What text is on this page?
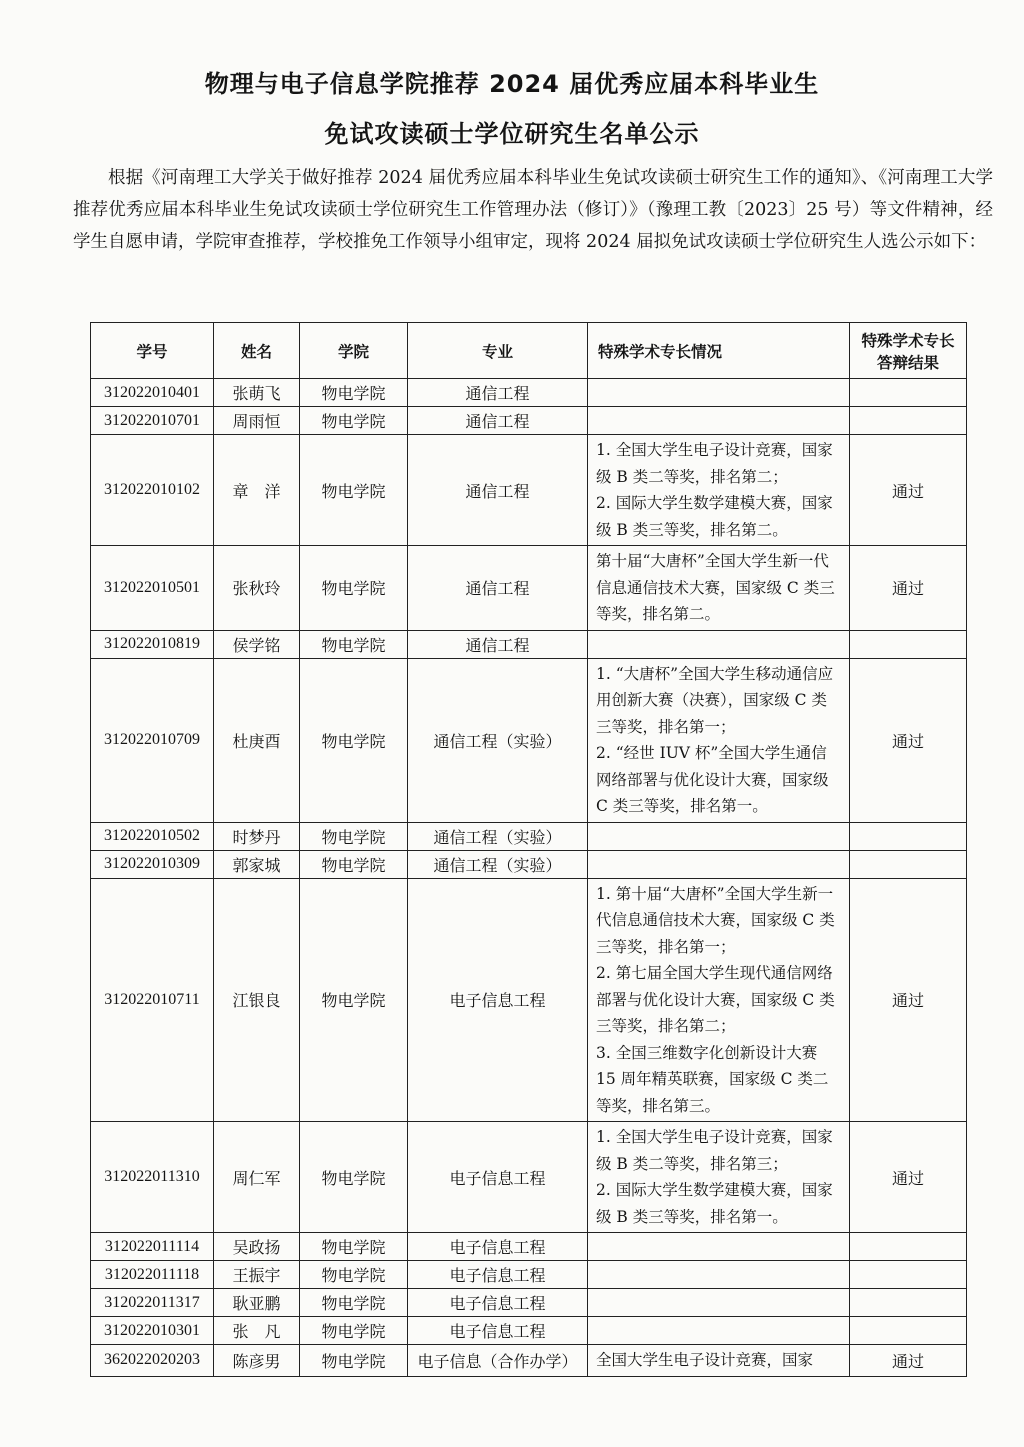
物理与电子信息学院推荐 2024 届优秀应届本科毕业生
免试攻读硕士学位研究生名单公示

根据《河南理工大学关于做好推荐 2024 届优秀应届本科毕业生免试攻读硕士研究生工作的通知》、《河南理工大学推荐优秀应届本科毕业生免试攻读硕士学位研究生工作管理办法（修订）》（豫理工教〔2023〕25 号）等文件精神，经学生自愿申请，学院审查推荐，学校推免工作领导小组审定，现将 2024 届拟免试攻读硕士学位研究生人选公示如下：

学号	姓名	学院	专业	特殊学术专长情况	特殊学术专长答辩结果
312022010401	张萌飞	物电学院	通信工程		
312022010701	周雨恒	物电学院	通信工程		
312022010102	章　洋	物电学院	通信工程	1. 全国大学生电子设计竞赛，国家级 B 类二等奖，排名第二；
2. 国际大学生数学建模大赛，国家级 B 类三等奖，排名第二。	通过
312022010501	张秋玲	物电学院	通信工程	第十届“大唐杯”全国大学生新一代信息通信技术大赛，国家级 C 类三等奖，排名第二。	通过
312022010819	侯学铭	物电学院	通信工程		
312022010709	杜庚酉	物电学院	通信工程（实验）	1. “大唐杯”全国大学生移动通信应用创新大赛（决赛），国家级 C 类三等奖，排名第一；
2. “经世 IUV 杯”全国大学生通信网络部署与优化设计大赛，国家级 C 类三等奖，排名第一。	通过
312022010502	时梦丹	物电学院	通信工程（实验）		
312022010309	郭家城	物电学院	通信工程（实验）		
312022010711	江银良	物电学院	电子信息工程	1. 第十届“大唐杯”全国大学生新一代信息通信技术大赛，国家级 C 类三等奖，排名第一；
2. 第七届全国大学生现代通信网络部署与优化设计大赛，国家级 C 类三等奖，排名第二；
3. 全国三维数字化创新设计大赛 15 周年精英联赛，国家级 C 类二等奖，排名第三。	通过
312022011310	周仁军	物电学院	电子信息工程	1. 全国大学生电子设计竞赛，国家级 B 类二等奖，排名第三；
2. 国际大学生数学建模大赛，国家级 B 类三等奖，排名第一。	通过
312022011114	吴政扬	物电学院	电子信息工程		
312022011118	王振宇	物电学院	电子信息工程		
312022011317	耿亚鹏	物电学院	电子信息工程		
312022010301	张　凡	物电学院	电子信息工程		
362022020203	陈彦男	物电学院	电子信息（合作办学）	全国大学生电子设计竞赛，国家	通过
